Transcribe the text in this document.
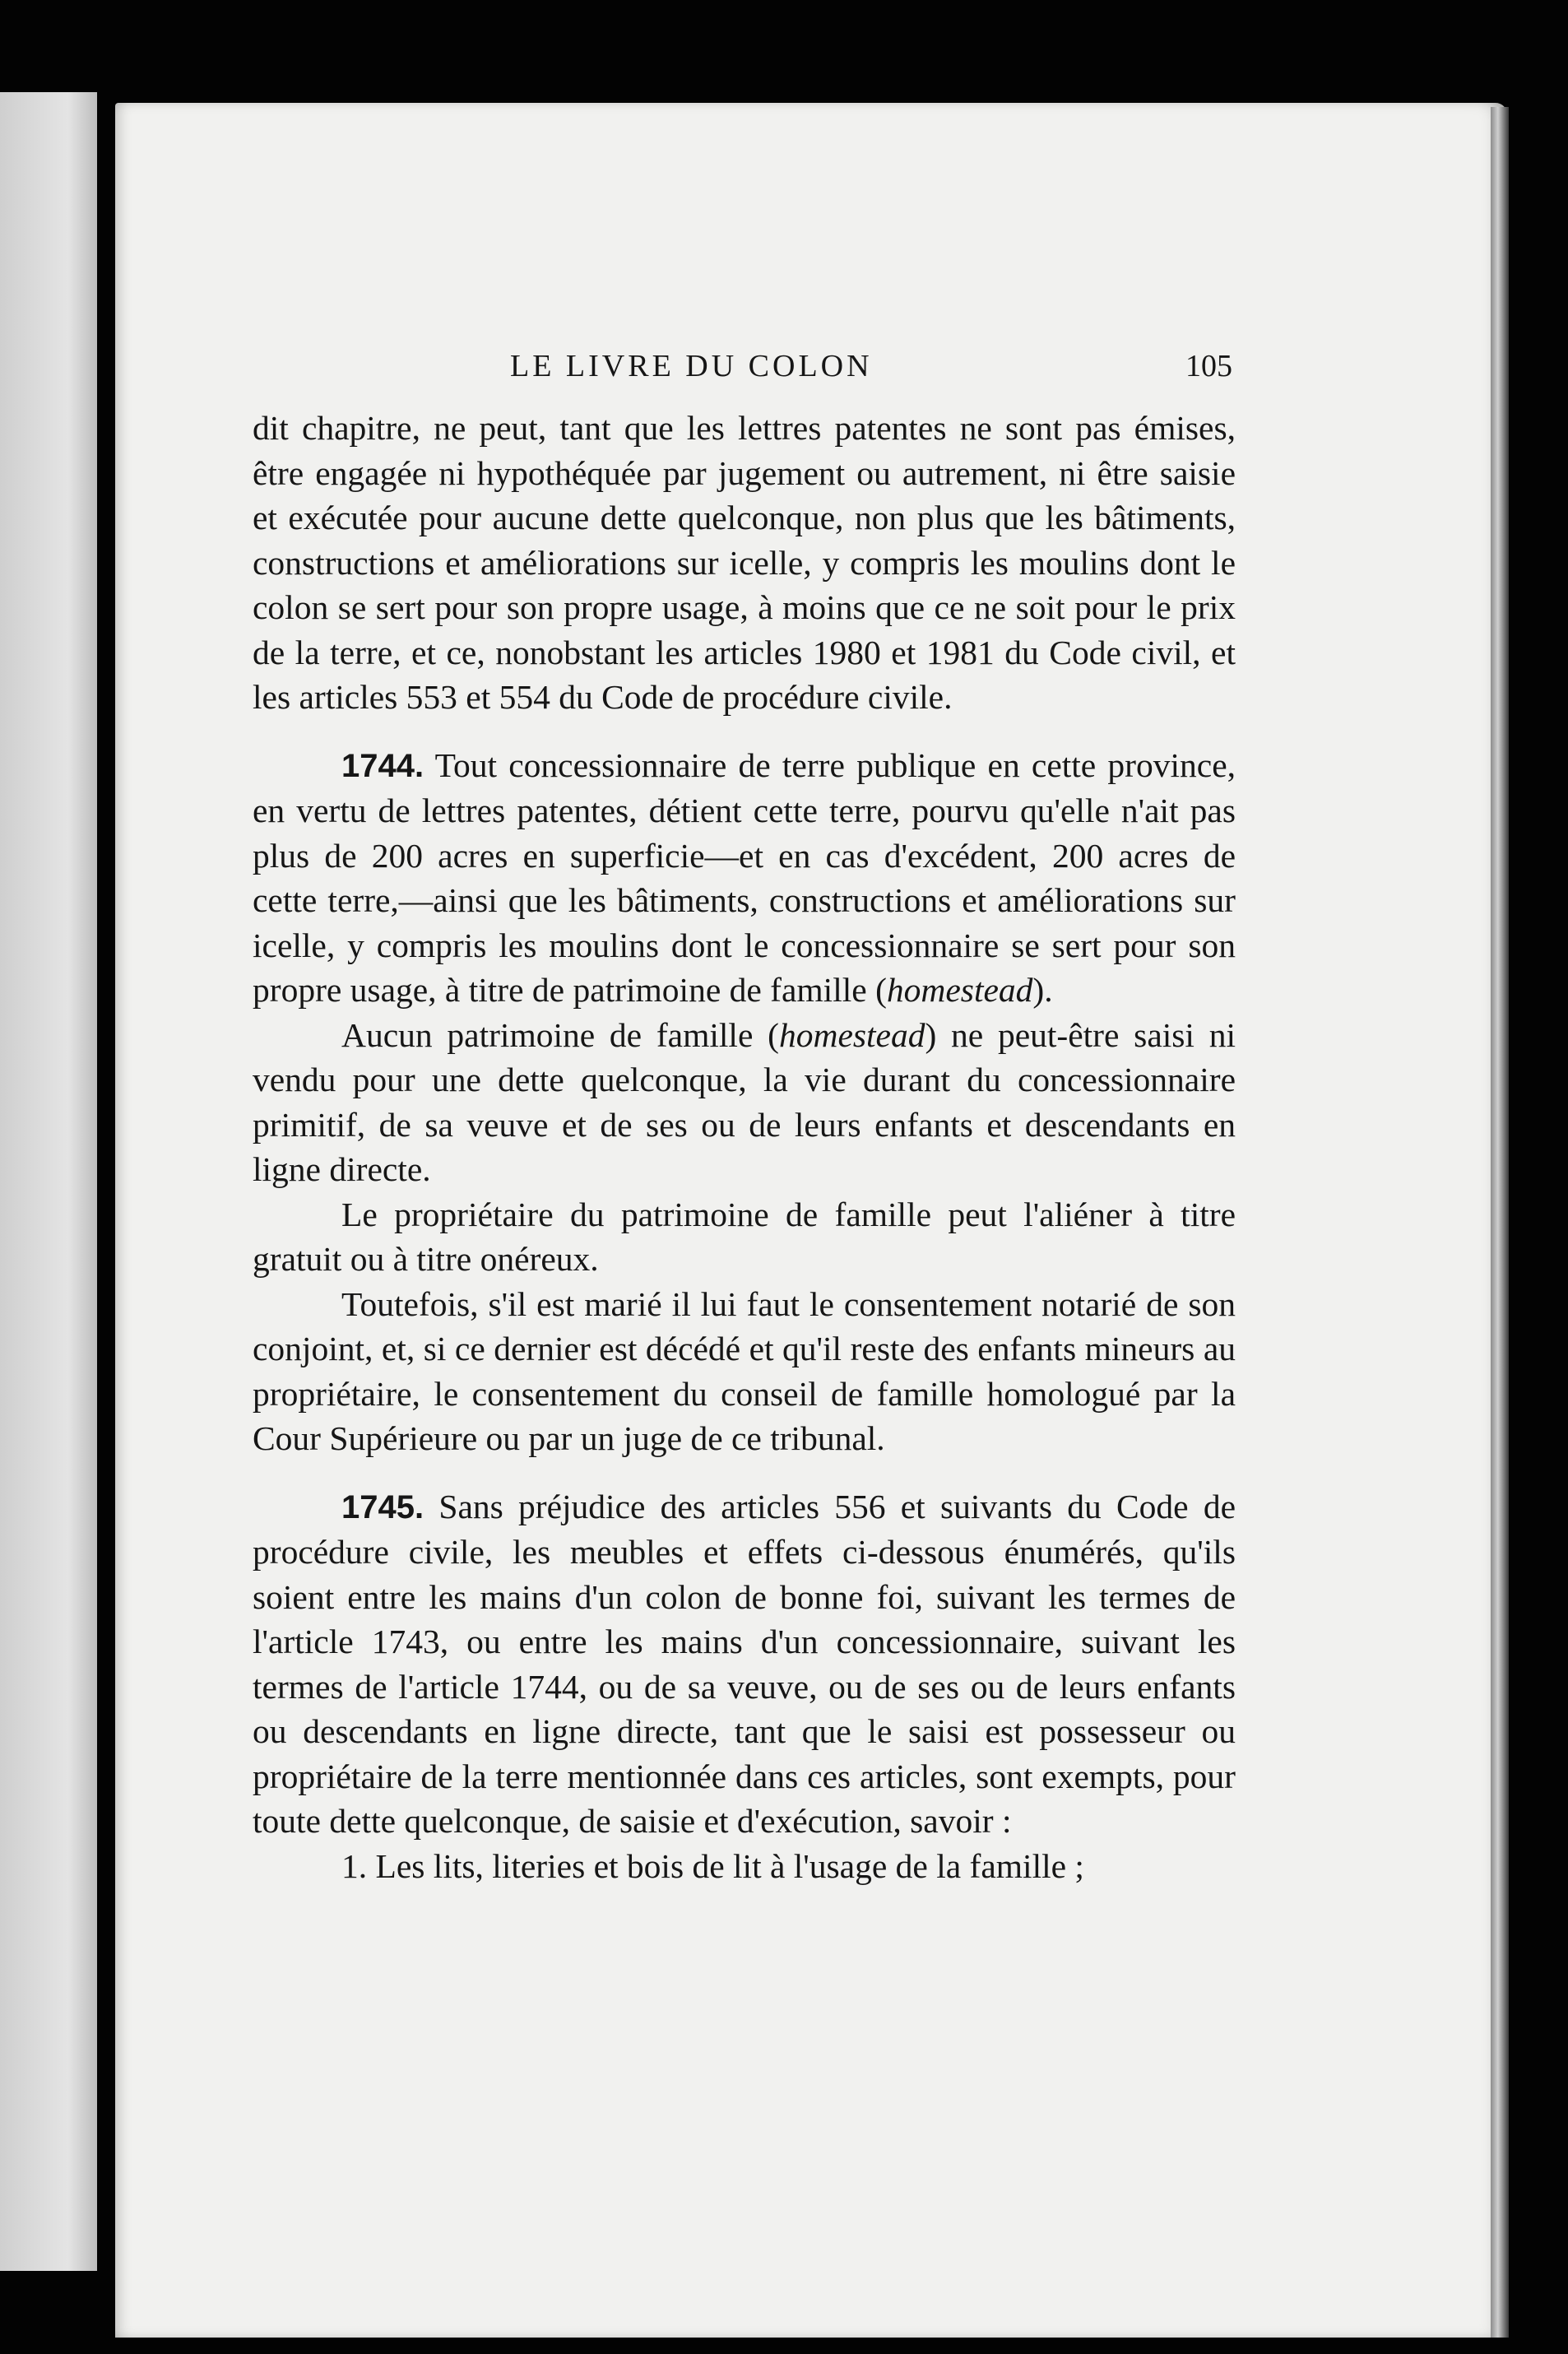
LE LIVRE DU COLON	105

dit chapitre, ne peut, tant que les lettres patentes ne sont pas émises, être engagée ni hypothéquée par jugement ou autrement, ni être saisie et exécutée pour aucune dette quelconque, non plus que les bâtiments, constructions et améliorations sur icelle, y compris les moulins dont le colon se sert pour son propre usage, à moins que ce ne soit pour le prix de la terre, et ce, nonobstant les articles 1980 et 1981 du Code civil, et les articles 553 et 554 du Code de procédure civile.

1744. Tout concessionnaire de terre publique en cette province, en vertu de lettres patentes, détient cette terre, pourvu qu'elle n'ait pas plus de 200 acres en superficie—et en cas d'excédent, 200 acres de cette terre,—ainsi que les bâtiments, constructions et améliorations sur icelle, y compris les moulins dont le concessionnaire se sert pour son propre usage, à titre de patrimoine de famille (homestead).

Aucun patrimoine de famille (homestead) ne peut-être saisi ni vendu pour une dette quelconque, la vie durant du concessionnaire primitif, de sa veuve et de ses ou de leurs enfants et descendants en ligne directe.

Le propriétaire du patrimoine de famille peut l'aliéner à titre gratuit ou à titre onéreux.

Toutefois, s'il est marié il lui faut le consentement notarié de son conjoint, et, si ce dernier est décédé et qu'il reste des enfants mineurs au propriétaire, le consentement du conseil de famille homologué par la Cour Supérieure ou par un juge de ce tribunal.

1745. Sans préjudice des articles 556 et suivants du Code de procédure civile, les meubles et effets ci-dessous énumérés, qu'ils soient entre les mains d'un colon de bonne foi, suivant les termes de l'article 1743, ou entre les mains d'un concessionnaire, suivant les termes de l'article 1744, ou de sa veuve, ou de ses ou de leurs enfants ou descendants en ligne directe, tant que le saisi est possesseur ou propriétaire de la terre mentionnée dans ces articles, sont exempts, pour toute dette quelconque, de saisie et d'exécution, savoir :

1. Les lits, literies et bois de lit à l'usage de la famille ;
